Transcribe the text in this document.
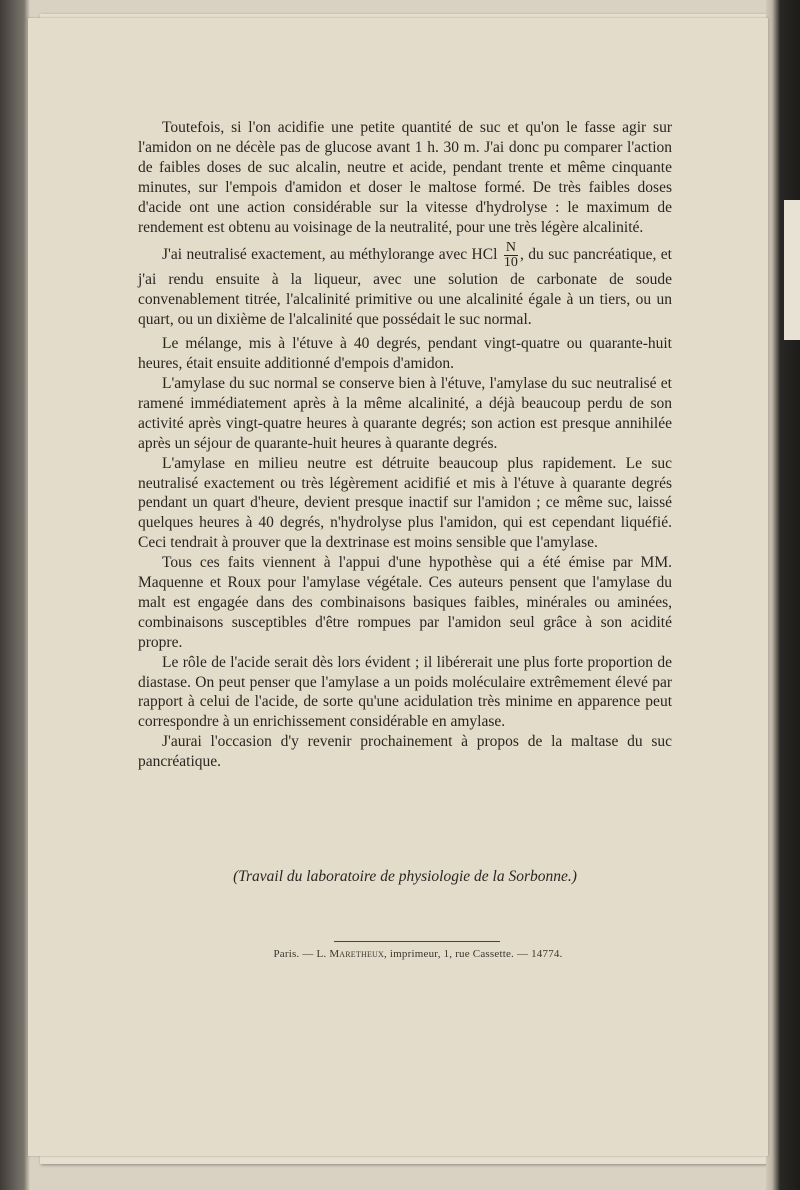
Toutefois, si l'on acidifie une petite quantité de suc et qu'on le fasse agir sur l'amidon on ne décèle pas de glucose avant 1 h. 30 m. J'ai donc pu comparer l'action de faibles doses de suc alcalin, neutre et acide, pendant trente et même cinquante minutes, sur l'empois d'amidon et doser le maltose formé. De très faibles doses d'acide ont une action considérable sur la vitesse d'hydrolyse : le maximum de rendement est obtenu au voisinage de la neutralité, pour une très légère alcalinité.

J'ai neutralisé exactement, au méthylorange avec HCl $\frac{N}{10}$ , du suc pancréatique, et j'ai rendu ensuite à la liqueur, avec une solution de carbonate de soude convenablement titrée, l'alcalinité primitive ou une alcalinité égale à un tiers, ou un quart, ou un dixième de l'alcalinité que possédait le suc normal.

Le mélange, mis à l'étuve à 40 degrés, pendant vingt-quatre ou quarante-huit heures, était ensuite additionné d'empois d'amidon.

L'amylase du suc normal se conserve bien à l'étuve, l'amylase du suc neutralisé et ramené immédiatement après à la même alcalinité, a déjà beaucoup perdu de son activité après vingt-quatre heures à quarante degrés; son action est presque annihilée après un séjour de quarante-huit heures à quarante degrés.

L'amylase en milieu neutre est détruite beaucoup plus rapidement. Le suc neutralisé exactement ou très légèrement acidifié et mis à l'étuve à quarante degrés pendant un quart d'heure, devient presque inactif sur l'amidon ; ce même suc, laissé quelques heures à 40 degrés, n'hydrolyse plus l'amidon, qui est cependant liquéfié. Ceci tendrait à prouver que la dextrinase est moins sensible que l'amylase.

Tous ces faits viennent à l'appui d'une hypothèse qui a été émise par MM. Maquenne et Roux pour l'amylase végétale. Ces auteurs pensent que l'amylase du malt est engagée dans des combinaisons basiques faibles, minérales ou aminées, combinaisons susceptibles d'être rompues par l'amidon seul grâce à son acidité propre.

Le rôle de l'acide serait dès lors évident ; il libérerait une plus forte proportion de diastase. On peut penser que l'amylase a un poids moléculaire extrêmement élevé par rapport à celui de l'acide, de sorte qu'une acidulation très minime en apparence peut correspondre à un enrichissement considérable en amylase.

J'aurai l'occasion d'y revenir prochainement à propos de la maltase du suc pancréatique.

(Travail du laboratoire de physiologie de la Sorbonne.)
Paris. — L. Maretheux, imprimeur, 1, rue Cassette. — 14774.
